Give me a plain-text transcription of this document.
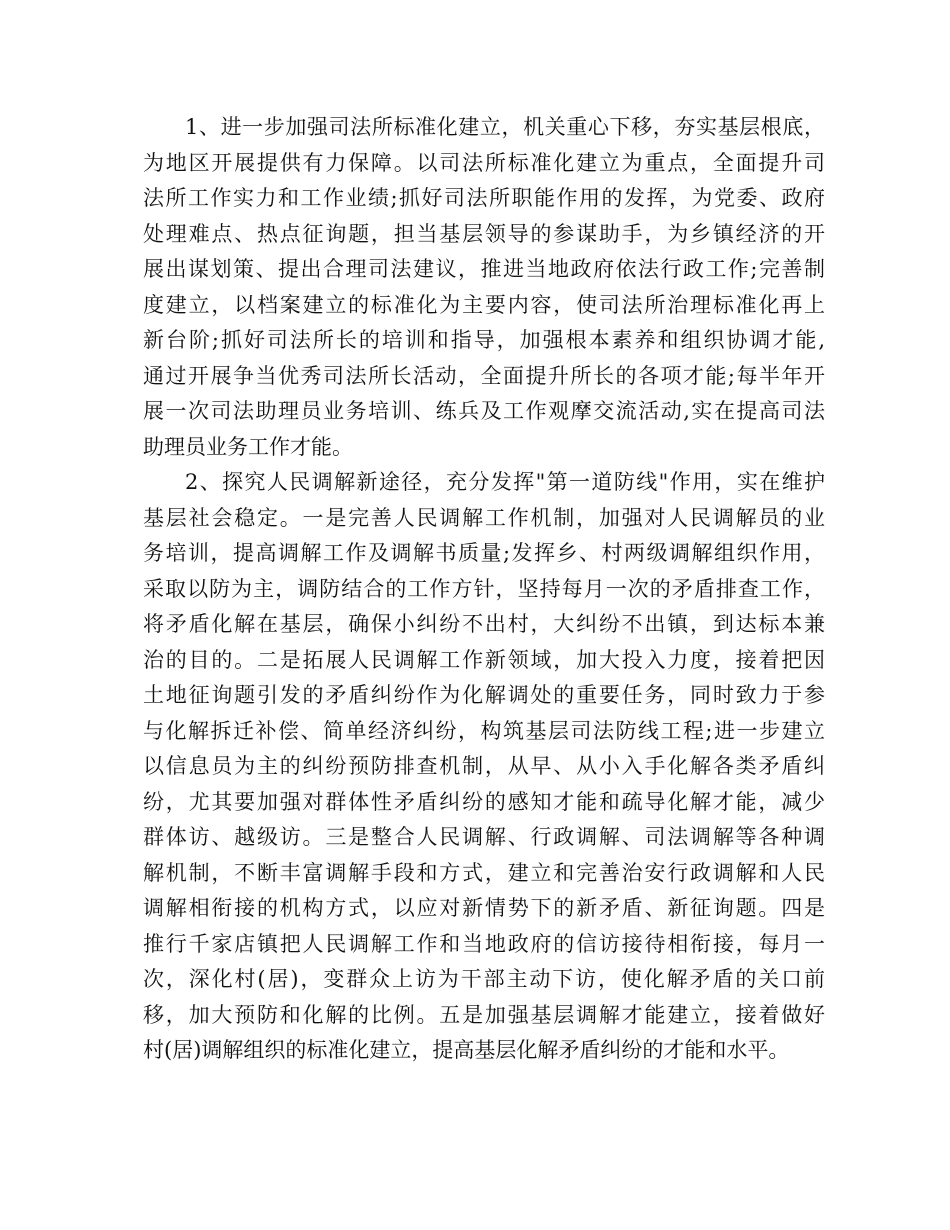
1、进一步加强司法所标准化建立，机关重心下移，夯实基层根底，
为地区开展提供有力保障。以司法所标准化建立为重点，全面提升司
法所工作实力和工作业绩;抓好司法所职能作用的发挥，为党委、政府
处理难点、热点征询题，担当基层领导的参谋助手，为乡镇经济的开
展出谋划策、提出合理司法建议，推进当地政府依法行政工作;完善制
度建立，以档案建立的标准化为主要内容，使司法所治理标准化再上
新台阶;抓好司法所长的培训和指导，加强根本素养和组织协调才能,
通过开展争当优秀司法所长活动，全面提升所长的各项才能;每半年开
展一次司法助理员业务培训、练兵及工作观摩交流活动,实在提高司法
助理员业务工作才能。

2、探究人民调解新途径，充分发挥"第一道防线"作用，实在维护
基层社会稳定。一是完善人民调解工作机制，加强对人民调解员的业
务培训，提高调解工作及调解书质量;发挥乡、村两级调解组织作用，
采取以防为主，调防结合的工作方针，坚持每月一次的矛盾排查工作，
将矛盾化解在基层，确保小纠纷不出村，大纠纷不出镇，到达标本兼
治的目的。二是拓展人民调解工作新领域，加大投入力度，接着把因
土地征询题引发的矛盾纠纷作为化解调处的重要任务，同时致力于参
与化解拆迁补偿、简单经济纠纷，构筑基层司法防线工程;进一步建立
以信息员为主的纠纷预防排查机制，从早、从小入手化解各类矛盾纠
纷，尤其要加强对群体性矛盾纠纷的感知才能和疏导化解才能，减少
群体访、越级访。三是整合人民调解、行政调解、司法调解等各种调
解机制，不断丰富调解手段和方式，建立和完善治安行政调解和人民
调解相衔接的机构方式，以应对新情势下的新矛盾、新征询题。四是
推行千家店镇把人民调解工作和当地政府的信访接待相衔接，每月一
次，深化村(居)，变群众上访为干部主动下访，使化解矛盾的关口前
移，加大预防和化解的比例。五是加强基层调解才能建立，接着做好
村(居)调解组织的标准化建立，提高基层化解矛盾纠纷的才能和水平。
